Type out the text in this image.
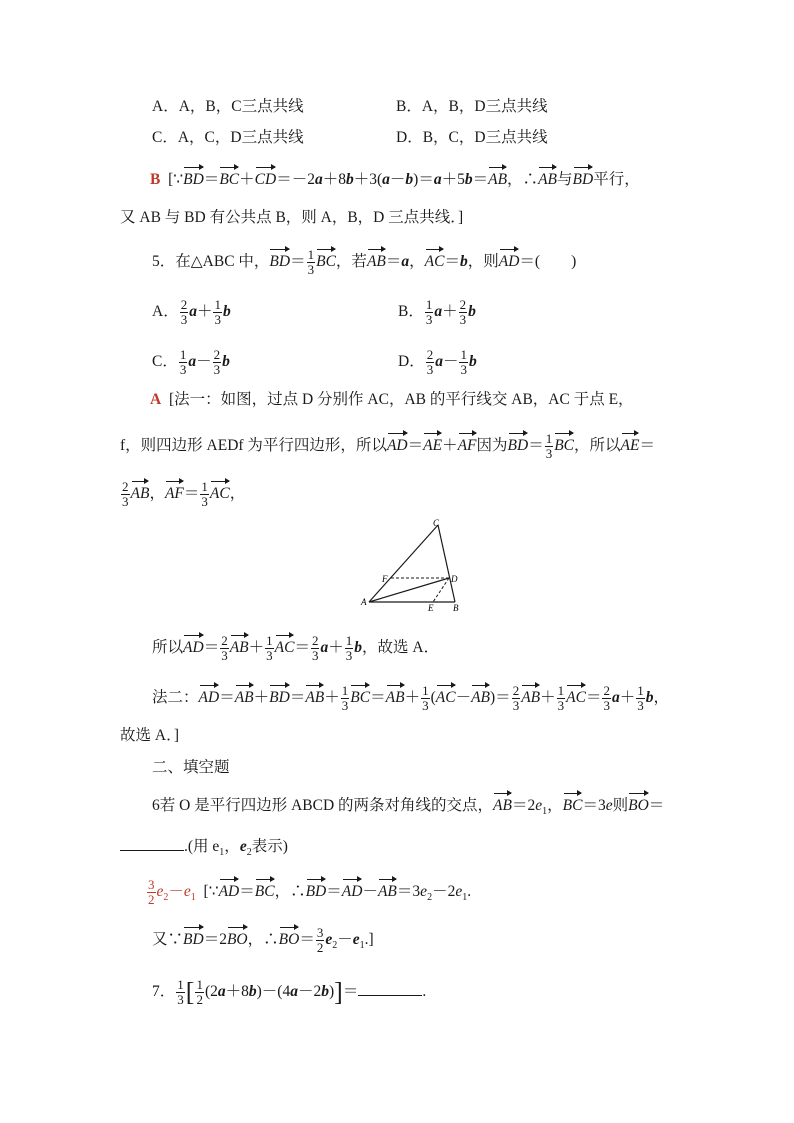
A．A，B，C三点共线	B．A，B，D三点共线
C．A，C，D三点共线	D．B，C，D三点共线
B  [∵BD＝BC＋CD＝－2a＋8b＋3(a－b)＝a＋5b＝AB，∴AB与BD平行，
又 AB 与 BD 有公共点 B，则 A，B，D 三点共线．]
5．在△ABC 中，$BD= \frac{1}{3}$ BC，若AB＝a，AC＝b，则AD＝(　　)
A． $\frac{2}{3} a+ \frac{1}{3}$ b	B． $\frac{1}{3} a+ \frac{2}{3}$ b
C． $\frac{1}{3} a- \frac{2}{3}$ b	D． $\frac{2}{3} a- \frac{1}{3}$ b
A [法一：如图，过点 D 分别作 AC，AB 的平行线交 AB，AC 于点 E，
f，则四边形 AEDf 为平行四边形，所以AD＝AE＋AF因为$BD= \frac{1}{3}$ BC，所以AE＝
$\frac{2}{3}$ AB，$AF= \frac{1}{3}$ AC，
C
F	D
A
E B
所以$AD= \frac{2}{3} AB+ \frac{1}{3} AC= \frac{2}{3} a+ \frac{1}{3}$ b，故选 A．
法二：$AD=AB+BD=AB+ \frac{1}{3} BC=AB+ \frac{1}{3} (AC-AB)= \frac{2}{3} AB+ \frac{1}{3} AC= \frac{2}{3} a+ \frac{1}{3}$ b，
故选 A．]
二、填空题
6若 O 是平行四边形 ABCD 的两条对角线的交点，$AB=2e_1$，BC＝3e则BO＝
.(用 $e_1$，$e_2$表示)
$\frac{3}{2} e_2-e_1$  [∵AD＝BC，$\therefore BD=AD-AB=3e_2-2e_1$.
又∵BD＝2BO，∴BO＝ $\frac{3}{2} e_2-e_1$.]
7． $\frac{1}{3}$ [ $\frac{1}{2} (2a+8b)-(4a-2b)]=$	.
